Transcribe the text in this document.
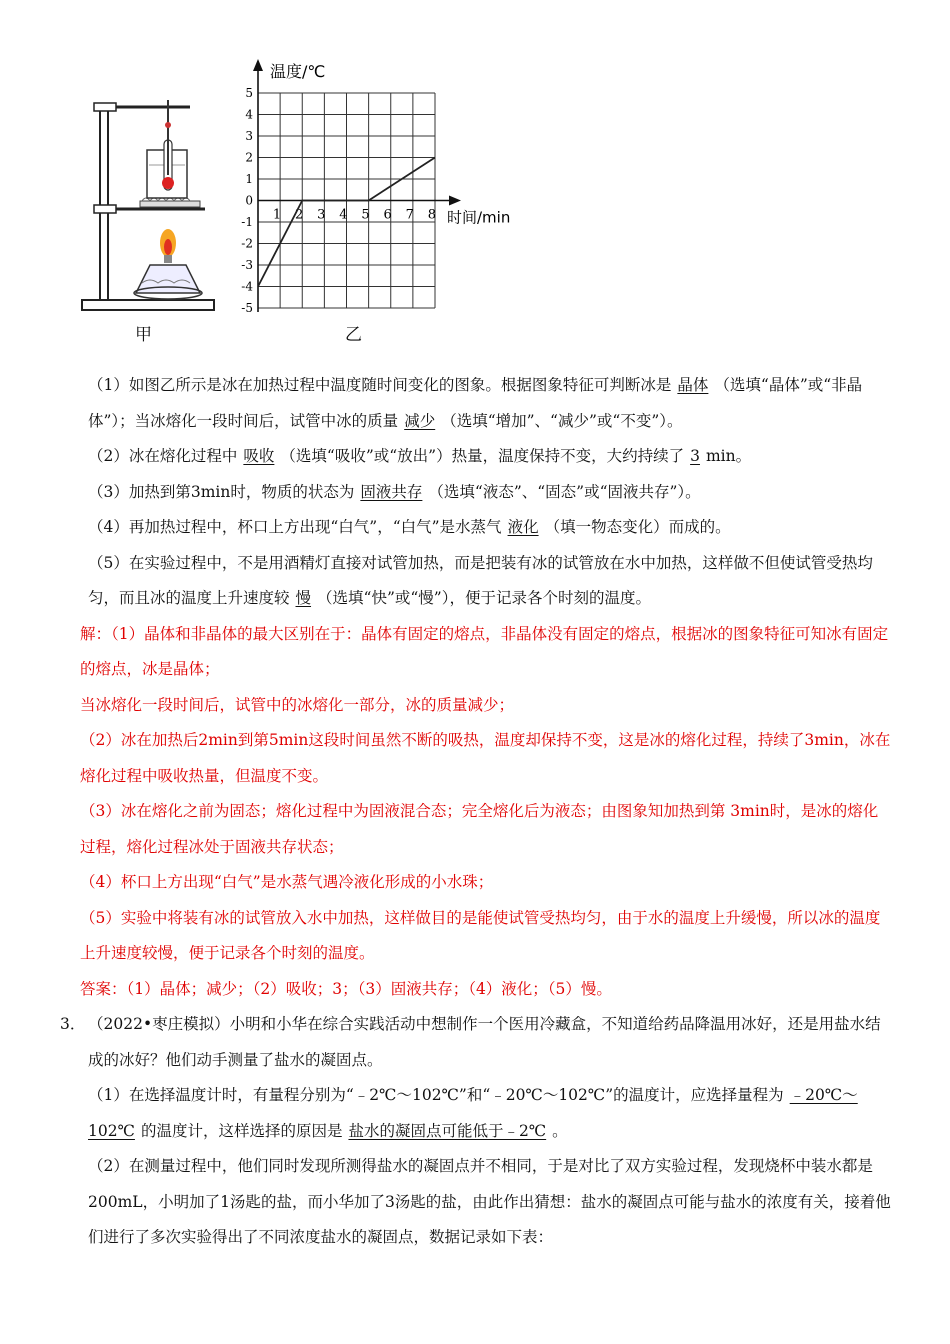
甲
5
4
3
2
1
0
-1
-2
-3
-4
-5
1 2 3 4 5 6 7 8
温度/℃
时间/min
乙

（1）如图乙所示是冰在加热过程中温度随时间变化的图象。根据图象特征可判断冰是 晶体 （选填“晶体”或“非晶体”）；当冰熔化一段时间后，试管中冰的质量 减少 （选填“增加”、“减少”或“不变”）。

（2）冰在熔化过程中 吸收 （选填“吸收”或“放出”）热量，温度保持不变，大约持续了 3 min。

（3）加热到第3min时，物质的状态为 固液共存 （选填“液态”、“固态”或“固液共存”）。

（4）再加热过程中，杯口上方出现“白气”，“白气”是水蒸气 液化 （填一物态变化）而成的。

（5）在实验过程中，不是用酒精灯直接对试管加热，而是把装有冰的试管放在水中加热，这样做不但使试管受热均匀，而且冰的温度上升速度较 慢 （选填“快”或“慢”），便于记录各个时刻的温度。

解：（1）晶体和非晶体的最大区别在于：晶体有固定的熔点，非晶体没有固定的熔点，根据冰的图象特征可知冰有固定的熔点，冰是晶体；

当冰熔化一段时间后，试管中的冰熔化一部分，冰的质量减少；

（2）冰在加热后2min到第5min这段时间虽然不断的吸热，温度却保持不变，这是冰的熔化过程，持续了3min，冰在熔化过程中吸收热量，但温度不变。

（3）冰在熔化之前为固态；熔化过程中为固液混合态；完全熔化后为液态；由图象知加热到第 3min时，是冰的熔化过程，熔化过程冰处于固液共存状态；

（4）杯口上方出现“白气”是水蒸气遇冷液化形成的小水珠；

（5）实验中将装有冰的试管放入水中加热，这样做目的是能使试管受热均匀，由于水的温度上升缓慢，所以冰的温度上升速度较慢，便于记录各个时刻的温度。

答案：（1）晶体；减少；（2）吸收；3；（3）固液共存；（4）液化；（5）慢。

3． （2022•枣庄模拟）小明和小华在综合实践活动中想制作一个医用冷藏盒，不知道给药品降温用冰好，还是用盐水结成的冰好？他们动手测量了盐水的凝固点。

（1）在选择温度计时，有量程分别为“﹣2℃～102℃”和“﹣20℃～102℃”的温度计，应选择量程为 ﹣20℃～102℃ 的温度计，这样选择的原因是 盐水的凝固点可能低于﹣2℃ 。

（2）在测量过程中，他们同时发现所测得盐水的凝固点并不相同，于是对比了双方实验过程，发现烧杯中装水都是200mL，小明加了1汤匙的盐，而小华加了3汤匙的盐，由此作出猜想：盐水的凝固点可能与盐水的浓度有关，接着他们进行了多次实验得出了不同浓度盐水的凝固点，数据记录如下表：
